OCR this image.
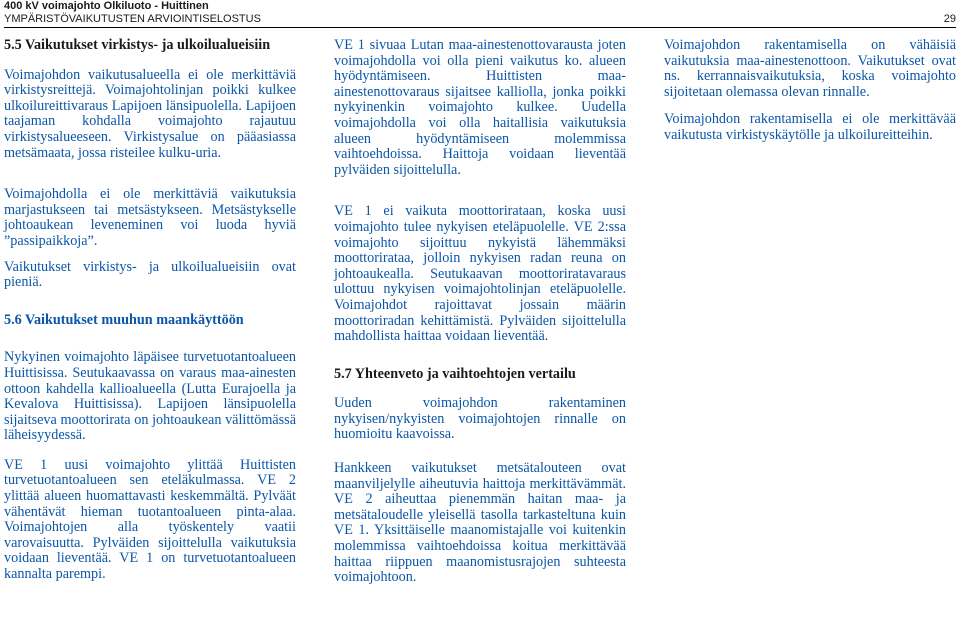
400 kV voimajohto Olkiluoto - Huittinen
YMPÄRISTÖVAIKUTUSTEN ARVIOINTISELOSTUS	29
5.5 Vaikutukset virkistys- ja ulkoilualueisiin

Voimajohdon vaikutusalueella ei ole merkittäviä virkistysreittejä. Voimajohtolinjan poikki kulkee ulkoilureittivaraus Lapijoen länsipuolella. Lapijoen taajaman kohdalla voimajohto rajautuu virkistysalueeseen. Virkistysalue on pääasiassa metsämaata, jossa risteilee kulku-uria.

Voimajohdolla ei ole merkittäviä vaikutuksia marjastukseen tai metsästykseen. Metsästykselle johtoaukean leveneminen voi luoda hyviä ”passipaikkoja”.

Vaikutukset virkistys- ja ulkoilualueisiin ovat pieniä.

5.6 Vaikutukset muuhun maankäyttöön

Nykyinen voimajohto läpäisee turvetuotantoalueen Huittisissa. Seutukaavassa on varaus maa-ainesten ottoon kahdella kallioalueella (Lutta Eurajoella ja Kevalova Huittisissa). Lapijoen länsipuolella sijaitseva moottorirata on johtoaukean välittömässä läheisyydessä.

VE 1 uusi voimajohto ylittää Huittisten turvetuotantoalueen sen eteläkulmassa. VE 2 ylittää alueen huomattavasti keskemmältä. Pylväät vähentävät hieman tuotantoalueen pinta-alaa. Voimajohtojen alla työskentely vaatii varovaisuutta. Pylväiden sijoittelulla vaikutuksia voidaan lieventää. VE 1 on turvetuotantoalueen kannalta parempi.

VE 1 sivuaa Lutan maa-ainestenottovarausta joten voimajohdolla voi olla pieni vaikutus ko. alueen hyödyntämiseen. Huittisten maa-ainestenottovaraus sijaitsee kalliolla, jonka poikki nykyinenkin voimajohto kulkee. Uudella voimajohdolla voi olla haitallisia vaikutuksia alueen hyödyntämiseen molemmissa vaihtoehdoissa. Haittoja voidaan lieventää pylväiden sijoittelulla.

VE 1 ei vaikuta moottorirataan, koska uusi voimajohto tulee nykyisen eteläpuolelle. VE 2:ssa voimajohto sijoittuu nykyistä lähemmäksi moottorirataa, jolloin nykyisen radan reuna on johtoaukealla. Seutukaavan moottoriratavaraus ulottuu nykyisen voimajohtolinjan eteläpuolelle. Voimajohdot rajoittavat jossain määrin moottoriradan kehittämistä. Pylväiden sijoittelulla mahdollista haittaa voidaan lieventää.

5.7 Yhteenveto ja vaihtoehtojen vertailu

Uuden voimajohdon rakentaminen nykyisen/nykyisten voimajohtojen rinnalle on huomioitu kaavoissa.

Hankkeen vaikutukset metsätalouteen ovat maanviljelylle aiheutuvia haittoja merkittävämmät. VE 2 aiheuttaa pienemmän haitan maa- ja metsätaloudelle yleisellä tasolla tarkasteltuna kuin VE 1. Yksittäiselle maanomistajalle voi kuitenkin molemmissa vaihtoehdoissa koitua merkittävää haittaa riippuen maanomistusrajojen suhteesta voimajohtoon.

Voimajohdon rakentamisella on vähäisiä vaikutuksia maa-ainestenottoon. Vaikutukset ovat ns. kerrannaisvaikutuksia, koska voimajohto sijoitetaan olemassa olevan rinnalle.

Voimajohdon rakentamisella ei ole merkittävää vaikutusta virkistyskäytölle ja ulkoilureitteihin.
